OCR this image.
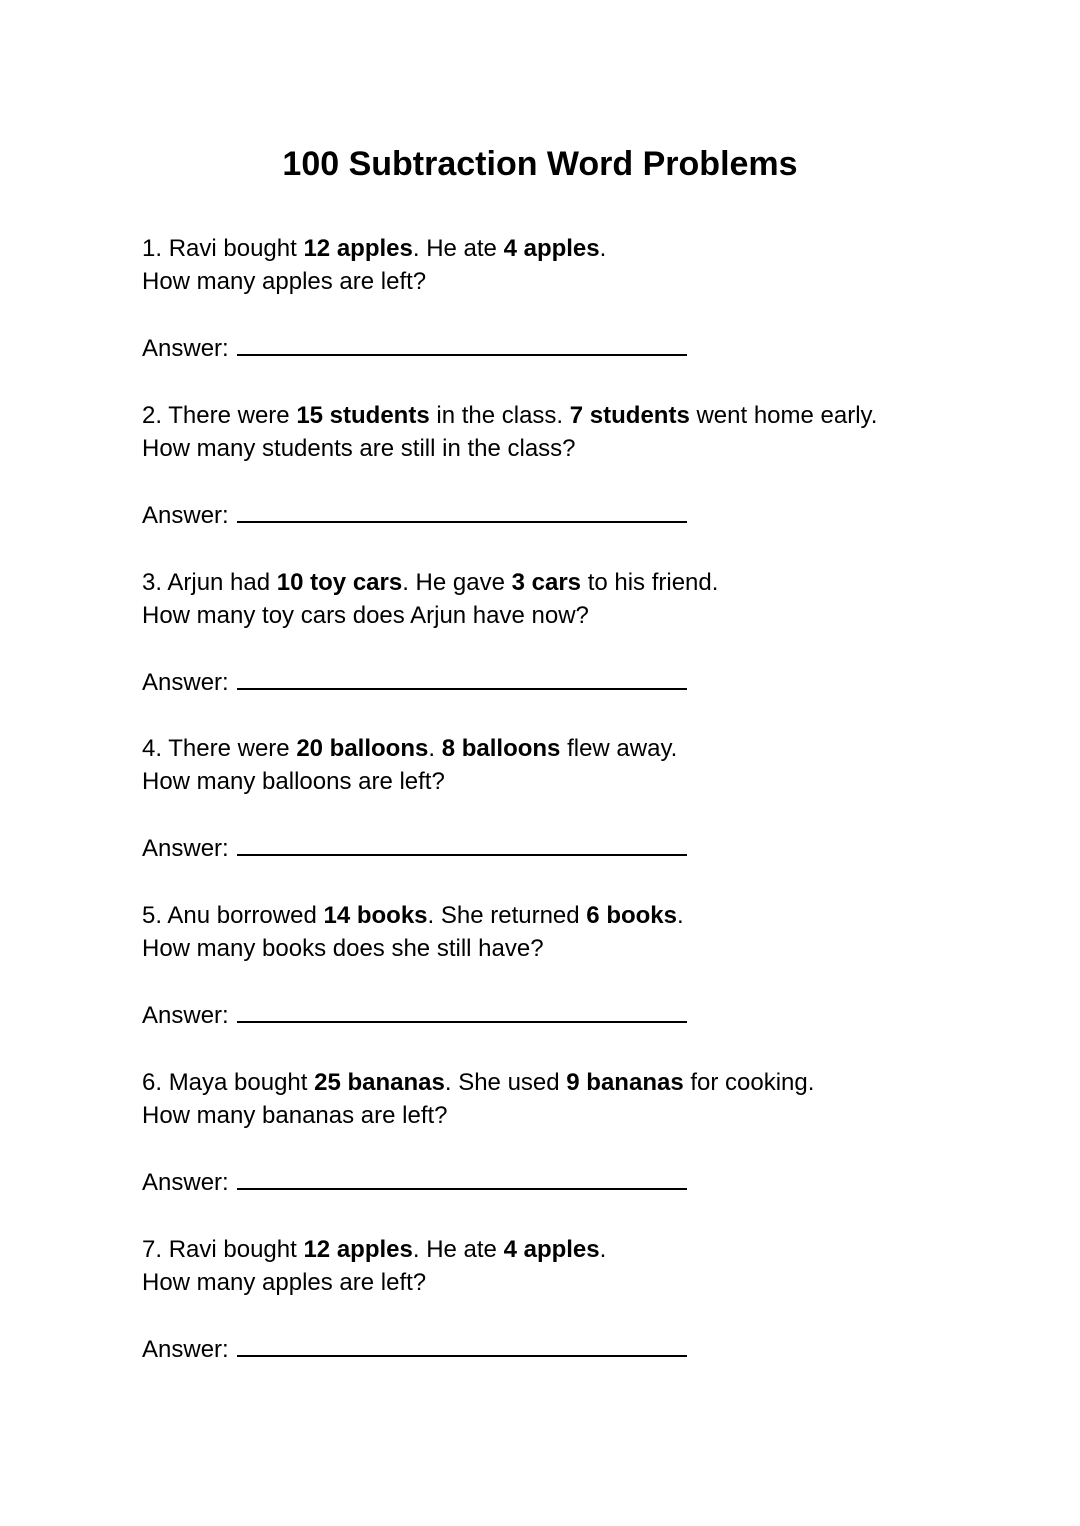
100 Subtraction Word Problems
1. Ravi bought 12 apples. He ate 4 apples.
How many apples are left?
Answer:
2. There were 15 students in the class. 7 students went home early.
How many students are still in the class?
Answer:
3. Arjun had 10 toy cars. He gave 3 cars to his friend.
How many toy cars does Arjun have now?
Answer:
4. There were 20 balloons. 8 balloons flew away.
How many balloons are left?
Answer:
5. Anu borrowed 14 books. She returned 6 books.
How many books does she still have?
Answer:
6. Maya bought 25 bananas. She used 9 bananas for cooking.
How many bananas are left?
Answer:
7. Ravi bought 12 apples. He ate 4 apples.
How many apples are left?
Answer:
